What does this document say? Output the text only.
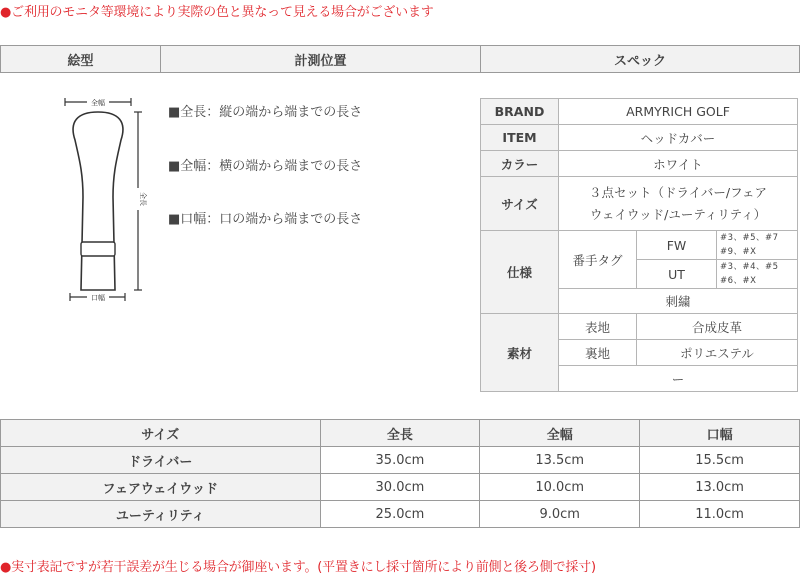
●ご利用のモニタ等環境により実際の色と異なって見える場合がございます
絵型	計測位置	スペック
全幅
全長
口幅
■全長：縦の端から端までの長さ
■全幅：横の端から端までの長さ
■口幅：口の端から端までの長さ
BRAND	ARMYRICH GOLF		
ITEM	ヘッドカバー		
カラー	ホワイト		
サイズ	３点セット（ドライバー/フェア
ウェイウッド/ユーティリティ）		

仕様	番手タグ	FW	#3、#5、#7
#9、#X

		UT	#3、#4、#5
#6、#X

	刺繍		
素材	表地	合成皮革	
	裏地	ポリエステル	
	ー		
サイズ	全長	全幅	口幅
ドライバー	35.0cm	13.5cm	15.5cm
フェアウェイウッド	30.0cm	10.0cm	13.0cm
ユーティリティ	25.0cm	9.0cm	11.0cm
●実寸表記ですが若干誤差が生じる場合が御座います。(平置きにし採寸箇所により前側と後ろ側で採寸)
